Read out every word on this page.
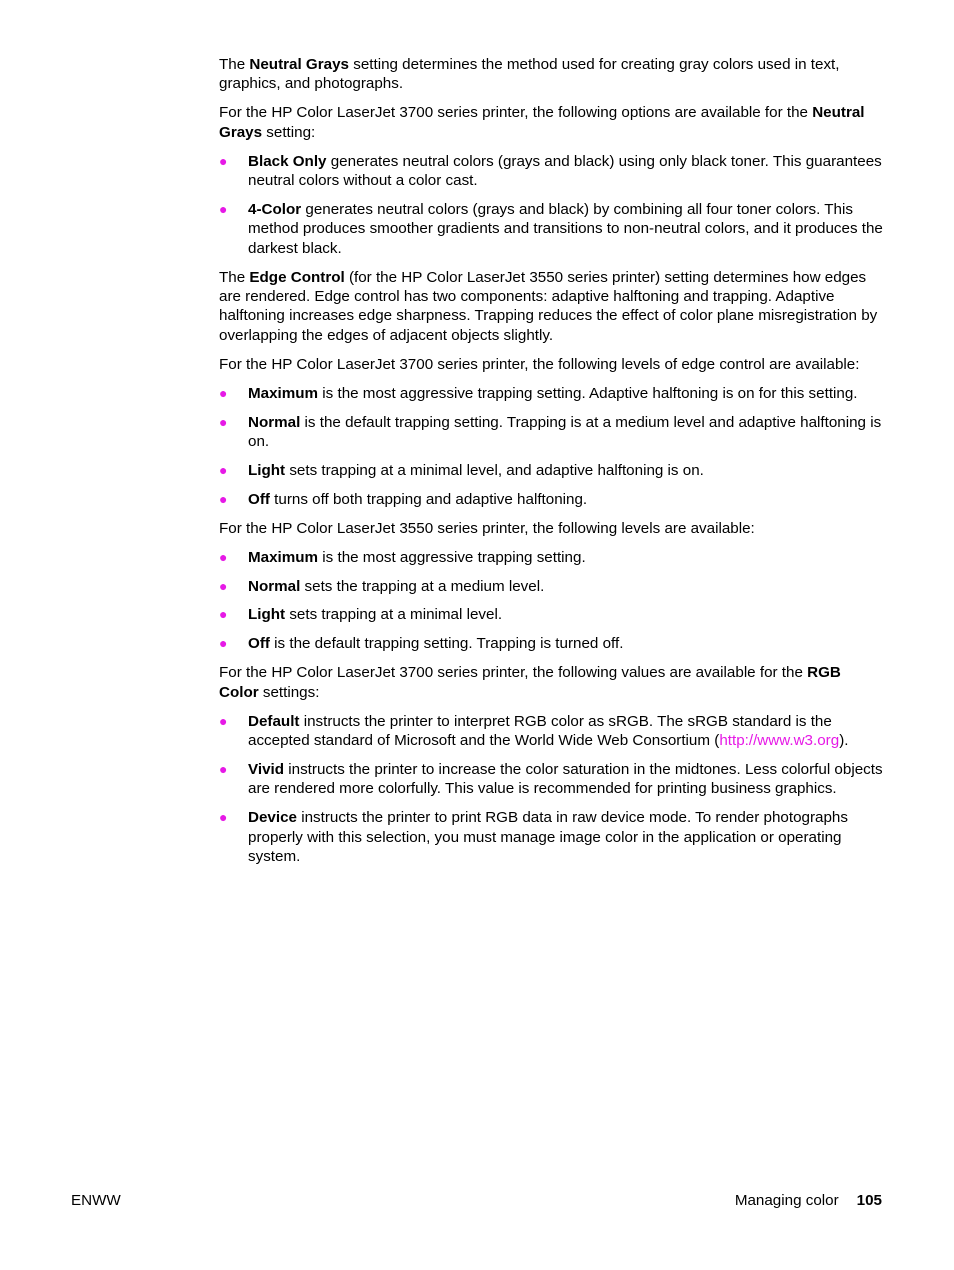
The Neutral Grays setting determines the method used for creating gray colors used in text, graphics, and photographs.

For the HP Color LaserJet 3700 series printer, the following options are available for the Neutral Grays setting:

● Black Only generates neutral colors (grays and black) using only black toner. This guarantees neutral colors without a color cast.
● 4-Color generates neutral colors (grays and black) by combining all four toner colors. This method produces smoother gradients and transitions to non-neutral colors, and it produces the darkest black.

The Edge Control (for the HP Color LaserJet 3550 series printer) setting determines how edges are rendered. Edge control has two components: adaptive halftoning and trapping. Adaptive halftoning increases edge sharpness. Trapping reduces the effect of color plane misregistration by overlapping the edges of adjacent objects slightly.

For the HP Color LaserJet 3700 series printer, the following levels of edge control are available:

● Maximum is the most aggressive trapping setting. Adaptive halftoning is on for this setting.
● Normal is the default trapping setting. Trapping is at a medium level and adaptive halftoning is on.
● Light sets trapping at a minimal level, and adaptive halftoning is on.
● Off turns off both trapping and adaptive halftoning.

For the HP Color LaserJet 3550 series printer, the following levels are available:

● Maximum is the most aggressive trapping setting.
● Normal sets the trapping at a medium level.
● Light sets trapping at a minimal level.
● Off is the default trapping setting. Trapping is turned off.

For the HP Color LaserJet 3700 series printer, the following values are available for the RGB Color settings:

● Default instructs the printer to interpret RGB color as sRGB. The sRGB standard is the accepted standard of Microsoft and the World Wide Web Consortium (http://www.w3.org).
● Vivid instructs the printer to increase the color saturation in the midtones. Less colorful objects are rendered more colorfully. This value is recommended for printing business graphics.
● Device instructs the printer to print RGB data in raw device mode. To render photographs properly with this selection, you must manage image color in the application or operating system.
ENWW	Managing color 105
